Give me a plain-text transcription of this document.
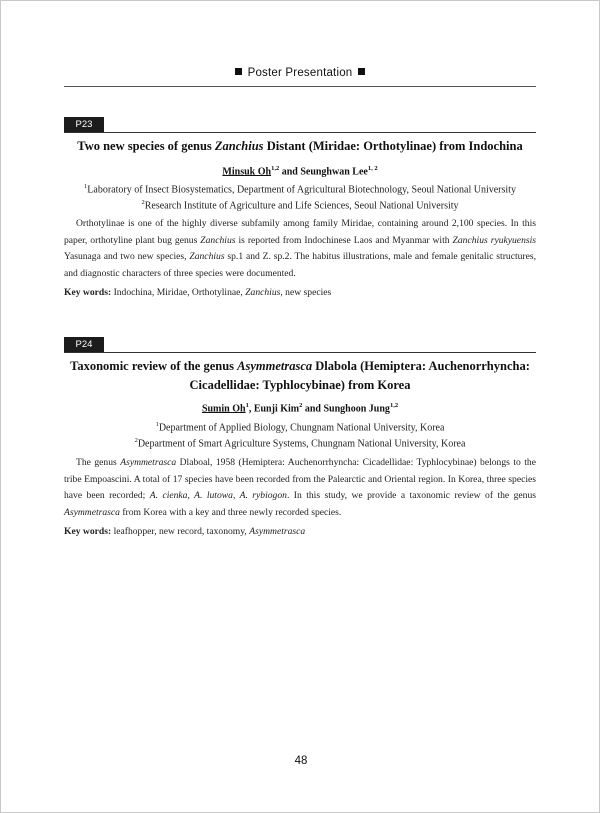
Poster Presentation
P23
Two new species of genus Zanchius Distant (Miridae: Orthotylinae) from Indochina
Minsuk Oh$^{1,2}$ and Seunghwan Lee$^{1, 2}$
$^1$Laboratory of Insect Biosystematics, Department of Agricultural Biotechnology, Seoul National University
$^2$Research Institute of Agriculture and Life Sciences, Seoul National University

Orthotylinae is one of the highly diverse subfamily among family Miridae, containing around 2,100 species. In this paper, orthotyline plant bug genus Zanchius is reported from Indochinese Laos and Myanmar with Zanchius ryukyuensis Yasunaga and two new species, Zanchius sp.1 and Z. sp.2. The habitus illustrations, male and female genitalic structures, and diagnostic characters of three species were documented.

Key words: Indochina, Miridae, Orthotylinae, Zanchius, new species
P24
Taxonomic review of the genus Asymmetrasca Dlabola (Hemiptera: Auchenorrhyncha: Cicadellidae: Typhlocybinae) from Korea
Sumin Oh$^1$, Eunji Kim$^2$ and Sunghoon Jung$^{1,2}$
$^1$Department of Applied Biology, Chungnam National University, Korea
$^2$Department of Smart Agriculture Systems, Chungnam National University, Korea

The genus Asymmetrasca Dlaboal, 1958 (Hemiptera: Auchenorrhyncha: Cicadellidae: Typhlocybinae) belongs to the tribe Empoascini. A total of 17 species have been recorded from the Palearctic and Oriental region. In Korea, three species have been recorded; A. cienka, A. lutowa, A. rybiogon. In this study, we provide a taxonomic review of the genus Asymmetrasca from Korea with a key and three newly recorded species.

Key words: leafhopper, new record, taxonomy, Asymmetrasca
48
